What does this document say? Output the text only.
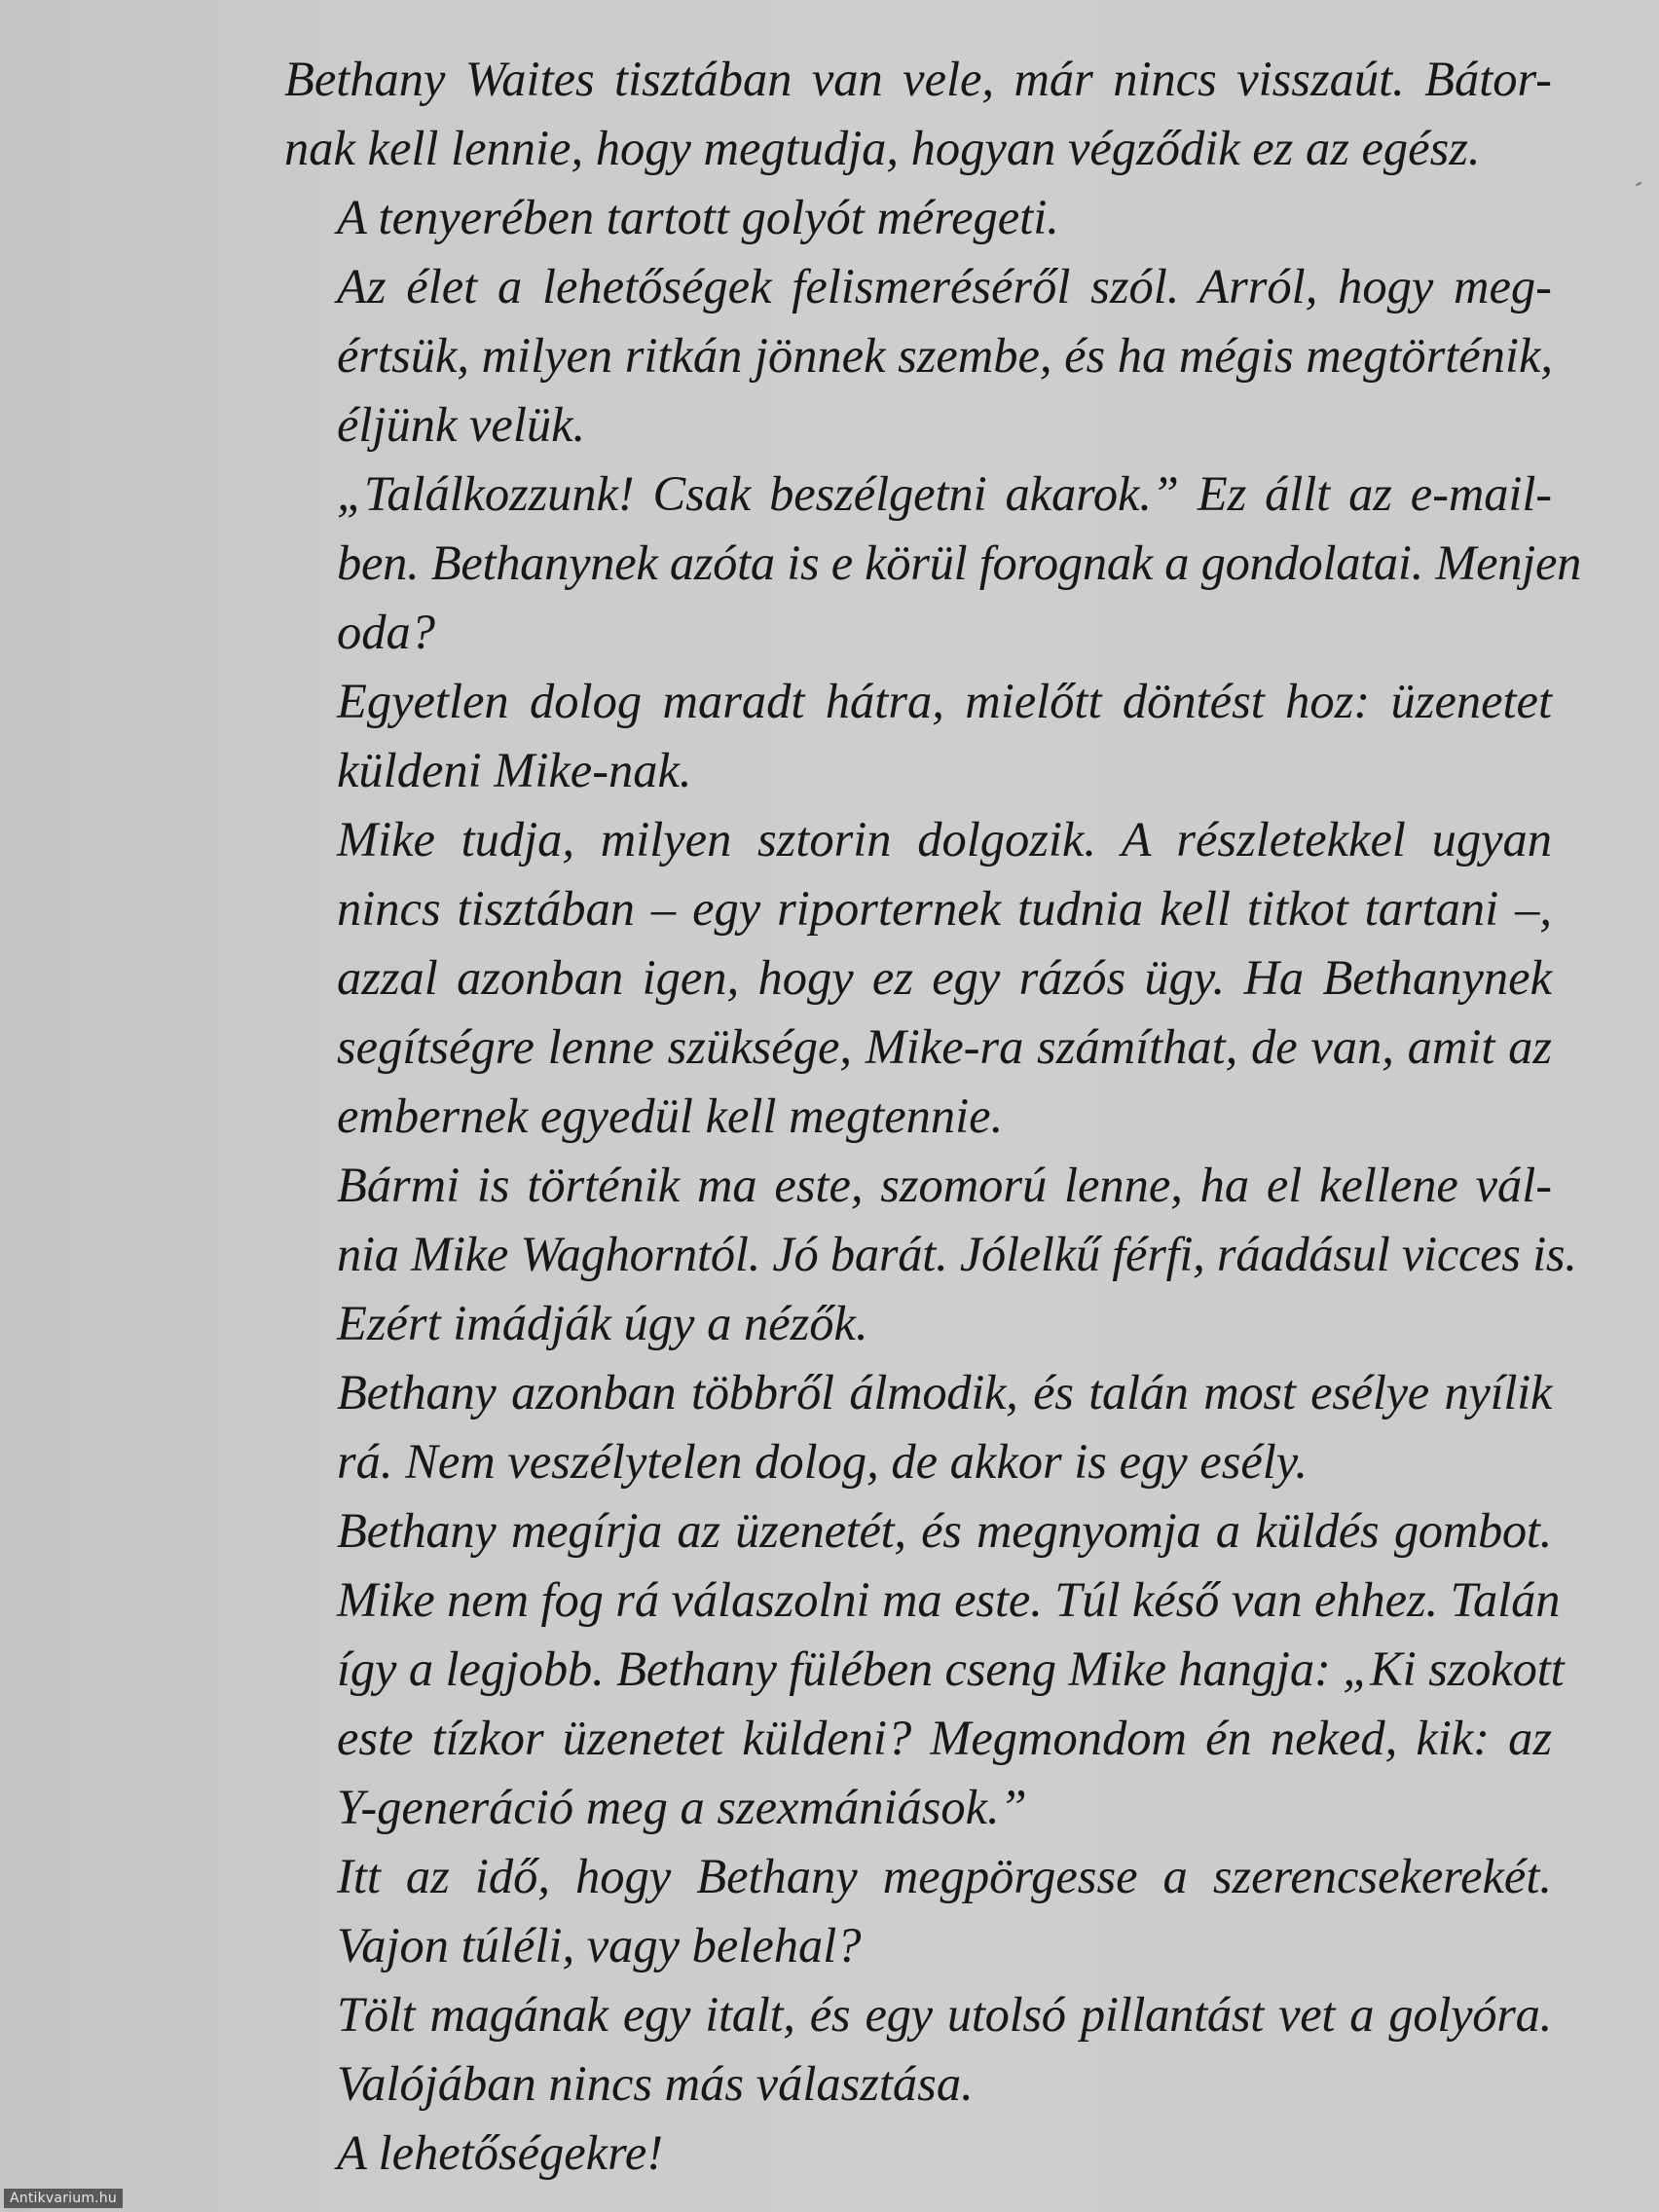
Bethany Waites tisztában van vele, már nincs visszaút. Bátor-
nak kell lennie, hogy megtudja, hogyan végződik ez az egész.

A tenyerében tartott golyót méregeti.

Az élet a lehetőségek felismeréséről szól. Arról, hogy meg-
értsük, milyen ritkán jönnek szembe, és ha mégis megtörténik,
éljünk velük.

„Találkozzunk! Csak beszélgetni akarok.” Ez állt az e-mail-
ben. Bethanynek azóta is e körül forognak a gondolatai. Menjen
oda?

Egyetlen dolog maradt hátra, mielőtt döntést hoz: üzenetet
küldeni Mike-nak.

Mike tudja, milyen sztorin dolgozik. A részletekkel ugyan
nincs tisztában – egy riporternek tudnia kell titkot tartani –,
azzal azonban igen, hogy ez egy rázós ügy. Ha Bethanynek
segítségre lenne szüksége, Mike-ra számíthat, de van, amit az
embernek egyedül kell megtennie.

Bármi is történik ma este, szomorú lenne, ha el kellene vál-
nia Mike Waghorntól. Jó barát. Jólelkű férfi, ráadásul vicces is.
Ezért imádják úgy a nézők.

Bethany azonban többről álmodik, és talán most esélye nyílik
rá. Nem veszélytelen dolog, de akkor is egy esély.

Bethany megírja az üzenetét, és megnyomja a küldés gombot.
Mike nem fog rá válaszolni ma este. Túl késő van ehhez. Talán
így a legjobb. Bethany fülében cseng Mike hangja: „Ki szokott
este tízkor üzenetet küldeni? Megmondom én neked, kik: az
Y-generáció meg a szexmániások.”

Itt az idő, hogy Bethany megpörgesse a szerencsekerekét.
Vajon túléli, vagy belehal?

Tölt magának egy italt, és egy utolsó pillantást vet a golyóra.
Valójában nincs más választása.

A lehetőségekre!

Antikvarium.hu
